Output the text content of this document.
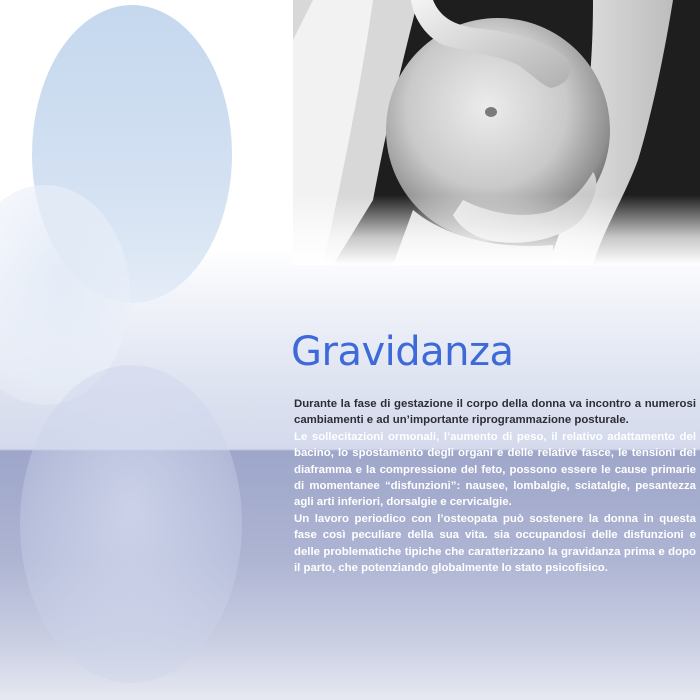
Gravidanza

Durante la fase di gestazione il corpo della donna va incontro a numerosi cambiamenti e ad un’importante riprogrammazione posturale.

Le sollecitazioni ormonali, l’aumento di peso, il relativo adattamento del bacino, lo spostamento degli organi e delle relative fasce, le tensioni del diaframma e la compressione del feto, possono essere le cause primarie di momentanee “disfunzioni”: nausee, lombalgie, sciatalgie, pesantezza agli arti inferiori, dorsalgie e cervicalgie.

Un lavoro periodico con l’osteopata può sostenere la donna in questa fase così peculiare della sua vita. sia occupandosi delle disfunzioni e delle problematiche tipiche che caratterizzano la gravidanza prima e dopo il parto, che potenziando globalmente lo stato psicofisico.
